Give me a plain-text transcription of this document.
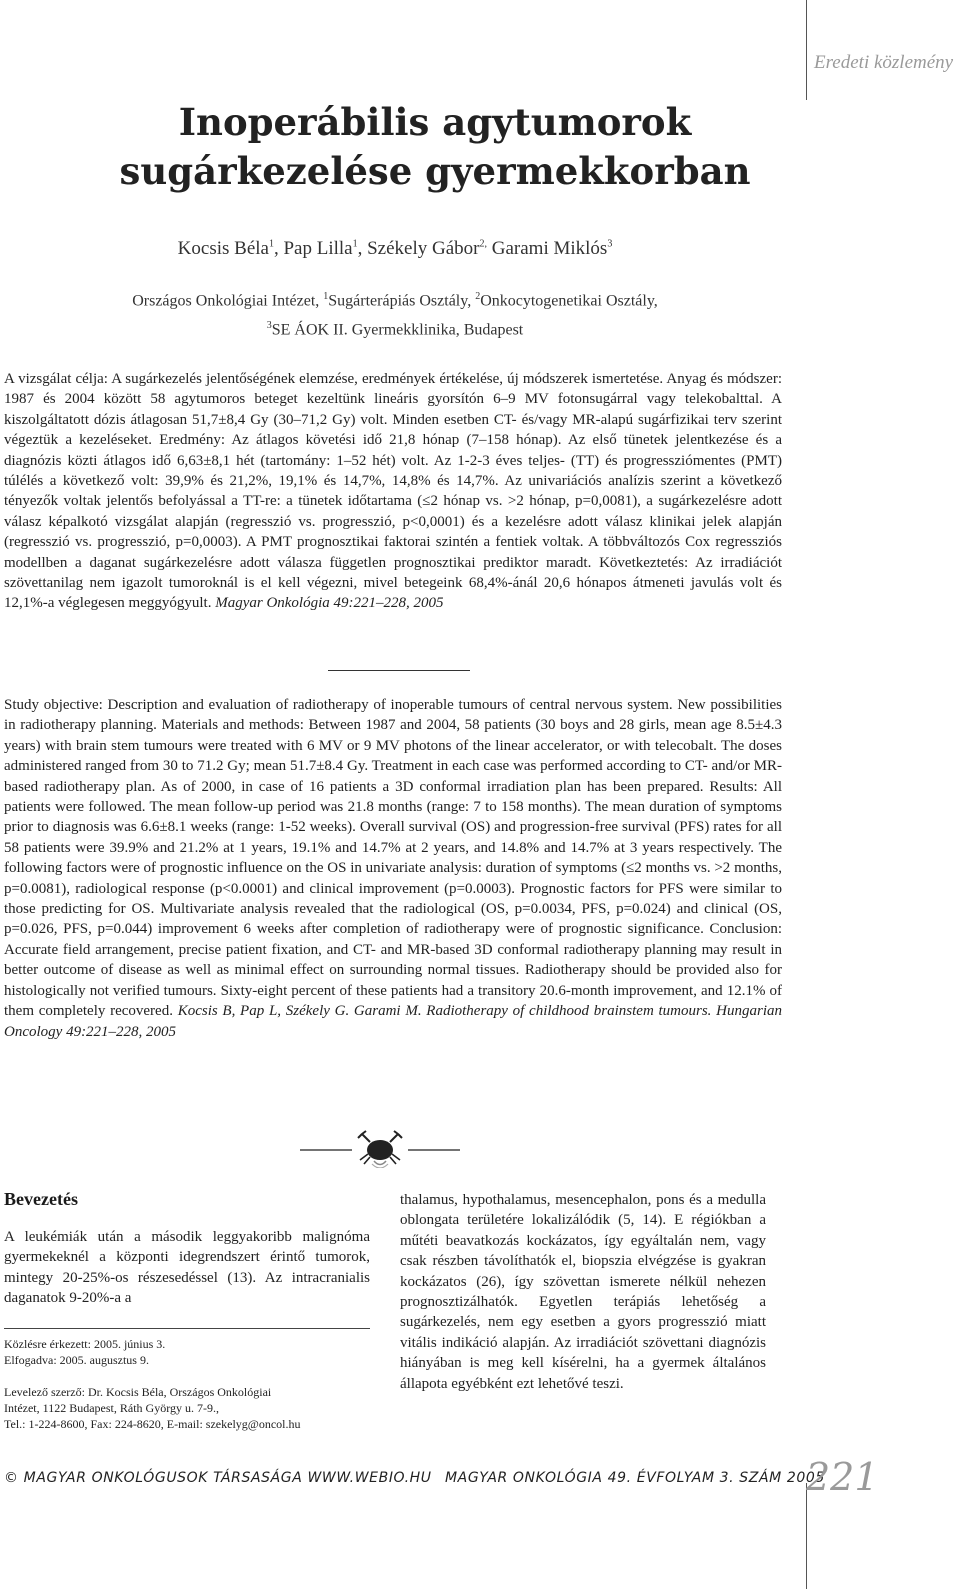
Eredeti közlemény
Inoperábilis agytumorok
sugárkezelése gyermekkorban
Kocsis Béla$^1$, Pap Lilla$^1$, Székely Gábor$^{2,}$ Garami Miklós$^3$
Országos Onkológiai Intézet, $^1$Sugárterápiás Osztály, $^2$Onkocytogenetikai Osztály,
$^3$SE ÁOK II. Gyermekklinika, Budapest
A vizsgálat célja: A sugárkezelés jelentőségének elemzése, eredmények értékelése, új módszerek ismertetése. Anyag és módszer: 1987 és 2004 között 58 agytumoros beteget kezeltünk lineáris gyorsítón 6–9 MV fotonsugárral vagy telekobalttal. A kiszolgáltatott dózis átlagosan 51,7±8,4 Gy (30–71,2 Gy) volt. Minden esetben CT- és/vagy MR-alapú sugárfizikai terv szerint végeztük a kezeléseket. Eredmény: Az átlagos követési idő 21,8 hónap (7–158 hónap). Az első tünetek jelentkezése és a diagnózis közti átlagos idő 6,63±8,1 hét (tartomány: 1–52 hét) volt. Az 1-2-3 éves teljes- (TT) és progressziómentes (PMT) túlélés a következő volt: 39,9% és 21,2%, 19,1% és 14,7%, 14,8% és 14,7%. Az univariációs analízis szerint a következő tényezők voltak jelentős befolyással a TT-re: a tünetek időtartama (≤2 hónap vs. >2 hónap, p=0,0081), a sugárkezelésre adott válasz képalkotó vizsgálat alapján (regresszió vs. progresszió, p<0,0001) és a kezelésre adott válasz klinikai jelek alapján (regresszió vs. progresszió, p=0,0003). A PMT prognosztikai faktorai szintén a fentiek voltak. A többváltozós Cox regressziós modellben a daganat sugárkezelésre adott válasza független prognosztikai prediktor maradt. Következtetés: Az irradiációt szövettanilag nem igazolt tumoroknál is el kell végezni, mivel betegeink 68,4%-ánál 20,6 hónapos átmeneti javulás volt és 12,1%-a véglegesen meggyógyult. Magyar Onkológia 49:221–228, 2005
Study objective: Description and evaluation of radiotherapy of inoperable tumours of central nervous system. New possibilities in radiotherapy planning. Materials and methods: Between 1987 and 2004, 58 patients (30 boys and 28 girls, mean age 8.5±4.3 years) with brain stem tumours were treated with 6 MV or 9 MV photons of the linear accelerator, or with telecobalt. The doses administered ranged from 30 to 71.2 Gy; mean 51.7±8.4 Gy. Treatment in each case was performed according to CT- and/or MR-based radiotherapy plan. As of 2000, in case of 16 patients a 3D conformal irradiation plan has been prepared. Results: All patients were followed. The mean follow-up period was 21.8 months (range: 7 to 158 months). The mean duration of symptoms prior to diagnosis was 6.6±8.1 weeks (range: 1-52 weeks). Overall survival (OS) and progression-free survival (PFS) rates for all 58 patients were 39.9% and 21.2% at 1 years, 19.1% and 14.7% at 2 years, and 14.8% and 14.7% at 3 years respectively. The following factors were of prognostic influence on the OS in univariate analysis: duration of symptoms (≤2 months vs. >2 months, p=0.0081), radiological response (p<0.0001) and clinical improvement (p=0.0003). Prognostic factors for PFS were similar to those predicting for OS. Multivariate analysis revealed that the radiological (OS, p=0.0034, PFS, p=0.024) and clinical (OS, p=0.026, PFS, p=0.044) improvement 6 weeks after completion of radiotherapy were of prognostic significance. Conclusion: Accurate field arrangement, precise patient fixation, and CT- and MR-based 3D conformal radiotherapy planning may result in better outcome of disease as well as minimal effect on surrounding normal tissues. Radiotherapy should be provided also for histologically not verified tumours. Sixty-eight percent of these patients had a transitory 20.6-month improvement, and 12.1% of them completely recovered. Kocsis B, Pap L, Székely G. Garami M. Radiotherapy of childhood brainstem tumours. Hungarian Oncology 49:221–228, 2005
Bevezetés
A leukémiák után a második leggyakoribb malignóma gyermekeknél a központi idegrendszert érintő tumorok, mintegy 20-25%-os részesedéssel (13). Az intracranialis daganatok 9-20%-a a
thalamus, hypothalamus, mesencephalon, pons és a medulla oblongata területére lokalizálódik (5, 14). E régiókban a műtéti beavatkozás kockázatos, így egyáltalán nem, vagy csak részben távolíthatók el, biopszia elvégzése is gyakran kockázatos (26), így szövettan ismerete nélkül nehezen prognosztizálhatók. Egyetlen terápiás lehetőség a sugárkezelés, nem egy esetben a gyors progresszió miatt vitális indikáció alapján. Az irradiációt szövettani diagnózis hiányában is meg kell kísérelni, ha a gyermek általános állapota egyébként ezt lehetővé teszi.
Közlésre érkezett: 2005. június 3.
Elfogadva: 2005. augusztus 9.
Levelező szerző: Dr. Kocsis Béla, Országos Onkológiai
Intézet, 1122 Budapest, Ráth György u. 7-9.,
Tel.: 1-224-8600, Fax: 224-8620, E-mail: szekelyg@oncol.hu
© MAGYAR ONKOLÓGUSOK TÁRSASÁGA WWW.WEBIO.HU MAGYAR ONKOLÓGIA 49. ÉVFOLYAM 3. SZÁM 2005
221
